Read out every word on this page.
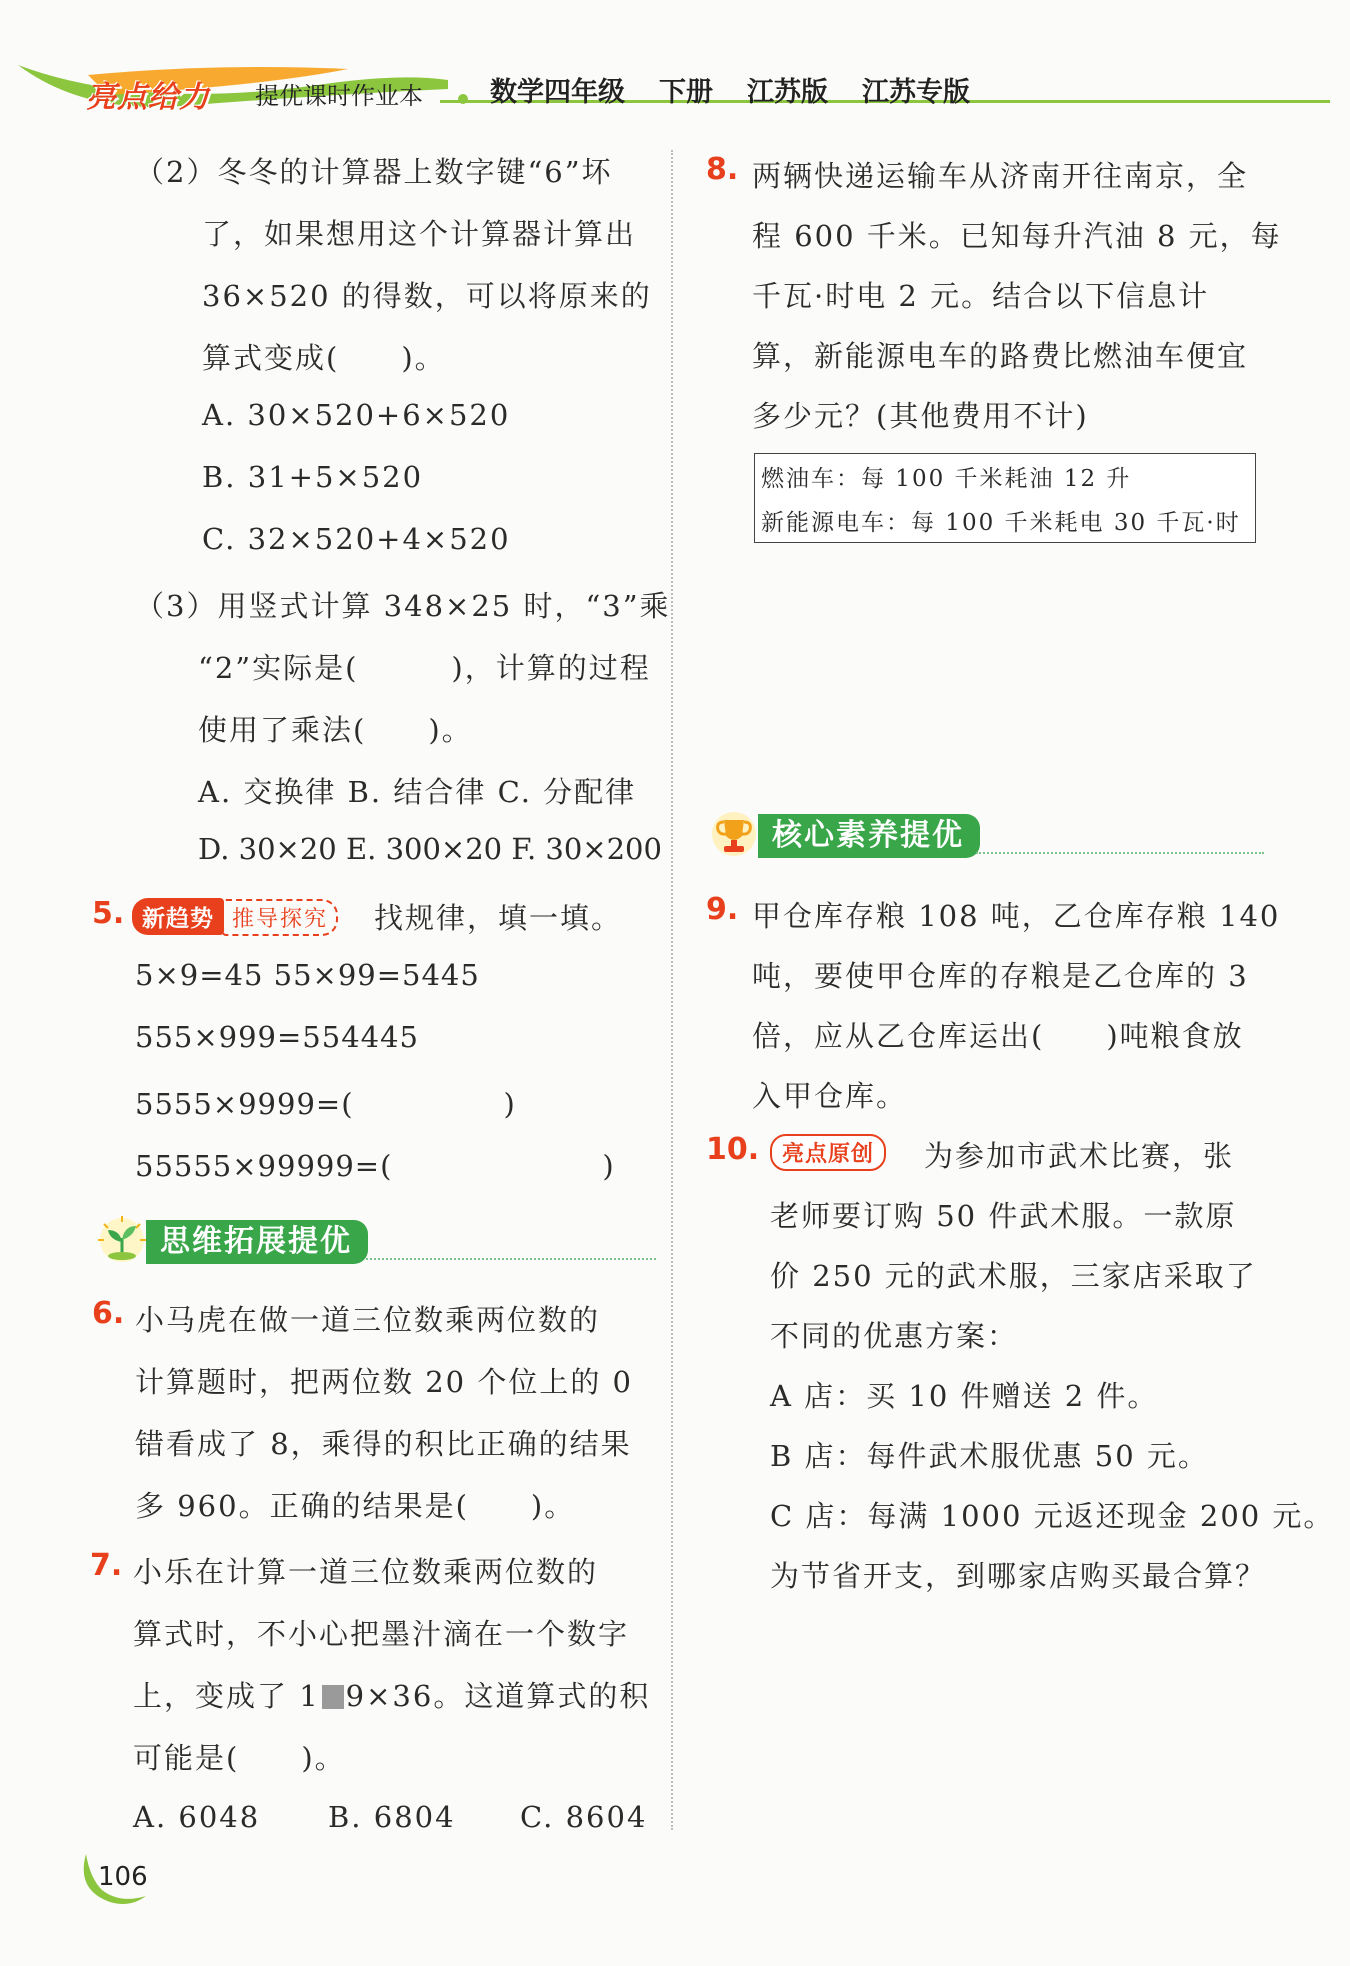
亮点给力 提优课时作业本 数学四年级 下册 江苏版 江苏专版
（2）冬冬的计算器上数字键“6”坏
了，如果想用这个计算器计算出
36×520 的得数，可以将原来的
算式变成(　　)。
A. 30×520+6×520
B. 31+5×520
C. 32×520+4×520
（3）用竖式计算 348×25 时，“3”乘
“2”实际是(　　　)，计算的过程
使用了乘法(　　)。
A. 交换律 B. 结合律 C. 分配律
D. 30×20 E. 300×20 F. 30×200
5. 新趋势 推导探究	找规律，填一填。
5×9=45 55×99=5445
555×999=554445
5555×9999=(　　　　　)
55555×99999=(　　　　　　　)
思维拓展提优
6. 小马虎在做一道三位数乘两位数的
计算题时，把两位数 20 个位上的 0
错看成了 8，乘得的积比正确的结果
多 960。正确的结果是(　　)。
7. 小乐在计算一道三位数乘两位数的
算式时，不小心把墨汁滴在一个数字
上，变成了 1 9×36。这道算式的积
可能是(　　)。
A. 6048 B. 6804 C. 8604
8. 两辆快递运输车从济南开往南京，全
程 600 千米。已知每升汽油 8 元，每
千瓦·时电 2 元。结合以下信息计
算，新能源电车的路费比燃油车便宜
多少元？(其他费用不计)
燃油车：每 100 千米耗油 12 升
新能源电车：每 100 千米耗电 30 千瓦·时
核心素养提优
9. 甲仓库存粮 108 吨，乙仓库存粮 140
吨，要使甲仓库的存粮是乙仓库的 3
倍，应从乙仓库运出(　　)吨粮食放
入甲仓库。
10.	亮点原创	为参加市武术比赛，张
老师要订购 50 件武术服。一款原
价 250 元的武术服，三家店采取了
不同的优惠方案：
A 店：买 10 件赠送 2 件。
B 店：每件武术服优惠 50 元。
C 店：每满 1000 元返还现金 200 元。
为节省开支，到哪家店购买最合算？
106
